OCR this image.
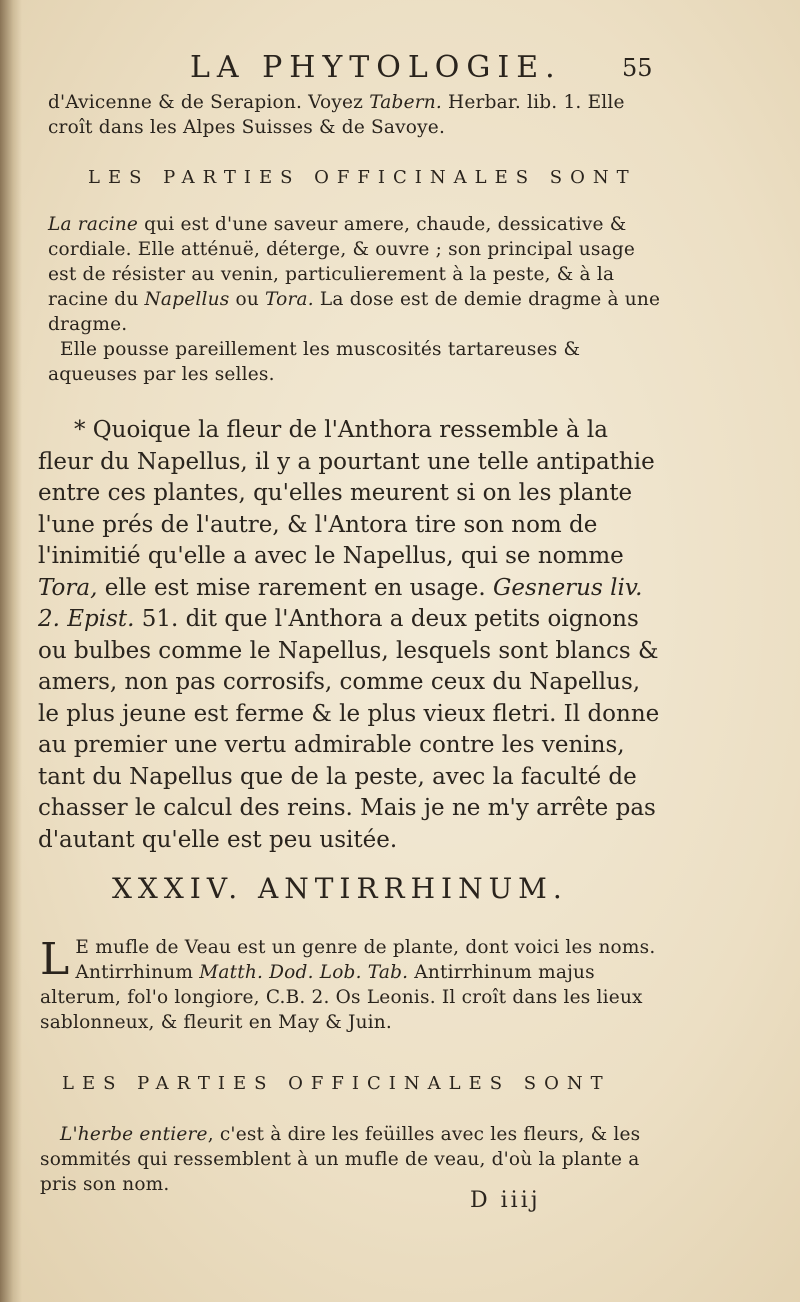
LA PHYTOLOGIE.	55

d'Avicenne & de Serapion. Voyez Tabern. Herbar. lib. 1. Elle croît dans les Alpes Suisses & de Savoye.

LES PARTIES OFFICINALES SONT

La racine qui est d'une saveur amere, chaude, dessicative & cordiale. Elle atténuë, déterge, & ouvre ; son principal usage est de résister au venin, particulierement à la peste, & à la racine du Napellus ou Tora. La dose est de demie dragme à une dragme.

Elle pousse pareillement les muscosités tartareuses & aqueuses par les selles.

* Quoique la fleur de l'Anthora ressemble à la fleur du Napellus, il y a pourtant une telle antipathie entre ces plantes, qu'elles meurent si on les plante l'une prés de l'autre, & l'Antora tire son nom de l'inimitié qu'elle a avec le Napellus, qui se nomme Tora, elle est mise rarement en usage. Gesnerus liv. 2. Epist. 51. dit que l'Anthora a deux petits oignons ou bulbes comme le Napellus, lesquels sont blancs & amers, non pas corrosifs, comme ceux du Napellus, le plus jeune est ferme & le plus vieux fletri. Il donne au premier une vertu admirable contre les venins, tant du Napellus que de la peste, avec la faculté de chasser le calcul des reins. Mais je ne m'y arrête pas d'autant qu'elle est peu usitée.

XXXIV. ANTIRRHINUM.

L E mufle de Veau est un genre de plante, dont voici les noms. Antirrhinum Matth. Dod. Lob. Tab. Antirrhinum majus alterum, fol'o longiore, C.B. 2. Os Leonis. Il croît dans les lieux sablonneux, & fleurit en May & Juin.

LES PARTIES OFFICINALES SONT

L'herbe entiere, c'est à dire les feüilles avec les fleurs, & les sommités qui ressemblent à un mufle de veau, d'où la plante a pris son nom.

D iiij
